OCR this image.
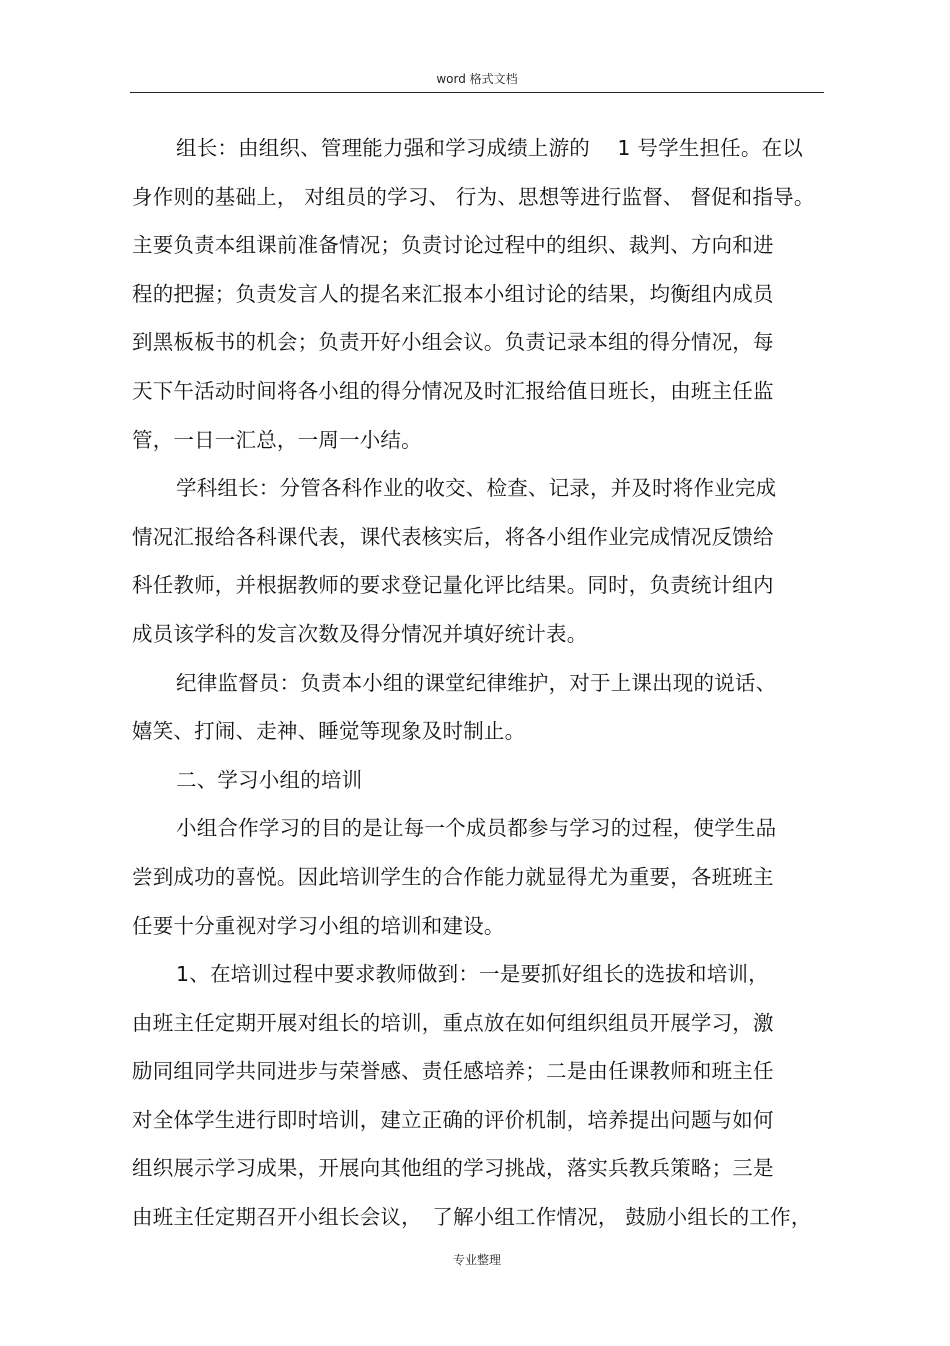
word 格式文档
组长：由组织、管理能力强和学习成绩上游的　 1 号学生担任。在以
身作则的基础上， 对组员的学习、 行为、思想等进行监督、 督促和指导。
主要负责本组课前准备情况；负责讨论过程中的组织、裁判、方向和进
程的把握；负责发言人的提名来汇报本小组讨论的结果，均衡组内成员
到黑板板书的机会；负责开好小组会议。负责记录本组的得分情况，每
天下午活动时间将各小组的得分情况及时汇报给值日班长，由班主任监
管，一日一汇总，一周一小结。
学科组长：分管各科作业的收交、检查、记录，并及时将作业完成
情况汇报给各科课代表，课代表核实后，将各小组作业完成情况反馈给
科任教师，并根据教师的要求登记量化评比结果。同时，负责统计组内
成员该学科的发言次数及得分情况并填好统计表。
纪律监督员：负责本小组的课堂纪律维护，对于上课出现的说话、
嬉笑、打闹、走神、睡觉等现象及时制止。
二、学习小组的培训
小组合作学习的目的是让每一个成员都参与学习的过程，使学生品
尝到成功的喜悦。因此培训学生的合作能力就显得尤为重要，各班班主
任要十分重视对学习小组的培训和建设。
1、在培训过程中要求教师做到：一是要抓好组长的选拔和培训，
由班主任定期开展对组长的培训，重点放在如何组织组员开展学习，激
励同组同学共同进步与荣誉感、责任感培养；二是由任课教师和班主任
对全体学生进行即时培训，建立正确的评价机制，培养提出问题与如何
组织展示学习成果，开展向其他组的学习挑战，落实兵教兵策略；三是
由班主任定期召开小组长会议，　了解小组工作情况， 鼓励小组长的工作，
专业整理
